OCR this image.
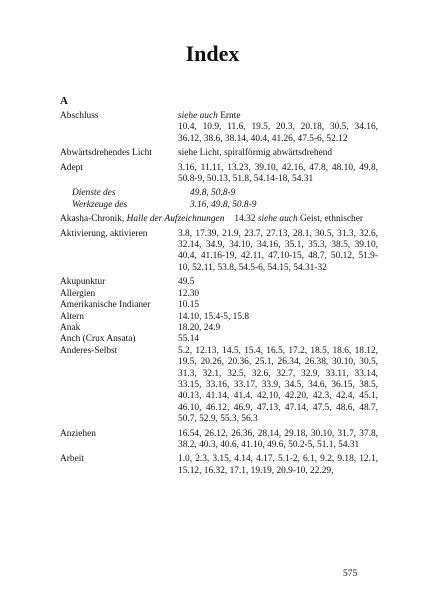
Index
A
Abschluss	siehe auch Ernte
10.4, 10.9, 11.6, 19.5, 20.3, 20.18, 30.5, 34.16, 36.12, 38.6, 38.14, 40.4, 41.26, 47.5-6, 52.12
Abwärtsdrehendes Licht	siehe Licht, spiralförmig abwärtsdrehend
Adept	3.16, 11.11, 13.23, 39.10, 42.16, 47.8, 48.10, 49.8, 50.8-9, 50.13, 51.8, 54.14-18, 54.31
Dienste des	49.8, 50.8-9
Werkzeuge des	3.16, 49.8, 50.8-9
Akasha-Chronik, Halle der Aufzeichnungen	14.32 siehe auch Geist, ethnischer
Aktivierung, aktivieren	3.8, 17.39, 21.9, 23.7, 27.13, 28.1, 30.5, 31.3, 32.6, 32.14, 34.9, 34.10, 34.16, 35.1, 35.3, 38.5, 39.10, 40.4, 41.16-19, 42.11, 47.10-15, 48.7, 50.12, 51.9-10, 52.11, 53.8, 54.5-6, 54.15, 54.31-32
Akupunktur	49.5
Allergien	12.30
Amerikanische Indianer	10.15
Altern	14.10, 15.4-5, 15.8
Anak	18.20, 24.9
Anch (Crux Ansata)	55.14
Anderes-Selbst	5.2, 12.13, 14.5, 15.4, 16.5, 17.2, 18.5, 18.6, 18.12, 19.5, 20.26, 20.36, 25.1, 26.34, 26.38, 30.10, 30.5, 31.3, 32.1, 32.5, 32.6, 32.7, 32.9, 33.11, 33.14, 33.15, 33.16, 33.17, 33.9, 34.5, 34.6, 36.15, 38.5, 40.13, 41.14, 41.4, 42.10, 42.20, 42.3, 42.4, 45.1, 46.10, 46.12, 46.9, 47.13, 47.14, 47.5, 48.6, 48.7, 50.7, 52.9, 55.3, 56.3
Anziehen	16.54, 26.12, 26.36, 28.14, 29.18, 30.10, 31.7, 37.8, 38.2, 40.3, 40.6, 41.10, 49.6, 50.2-5, 51.1, 54.31
Arbeit	1.0, 2.3, 3.15, 4.14, 4.17, 5.1-2, 6.1, 9.2, 9.18, 12.1, 15.12, 16.32, 17.1, 19.19, 20.9-10, 22.29,
575
